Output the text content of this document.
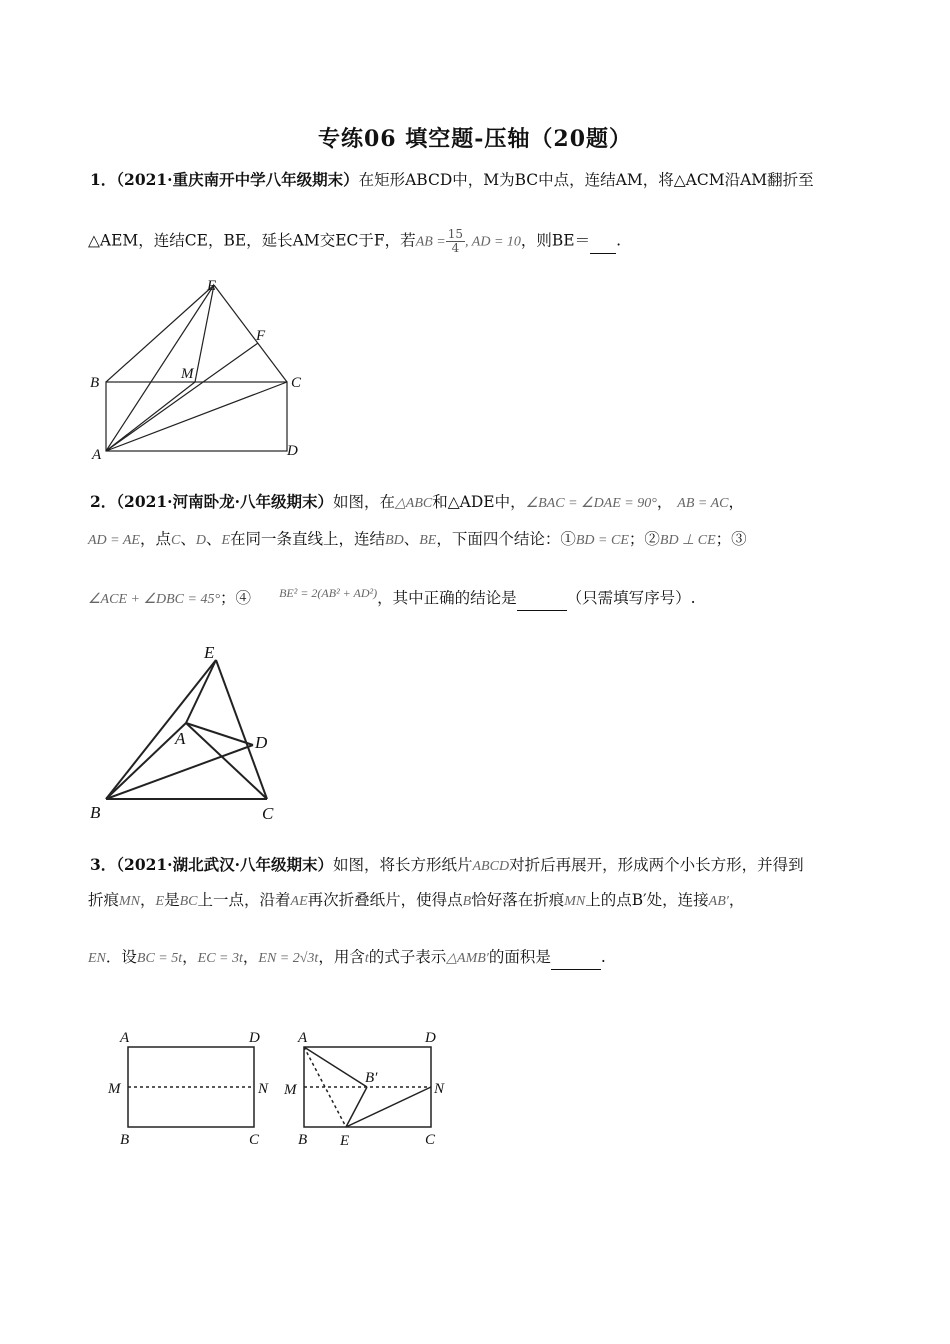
专练06 填空题-压轴（20题）
1．（2021·重庆南开中学八年级期末）在矩形ABCD中，M为BC中点，连结AM，将△ACM沿AM翻折至
△AEM，连结CE，BE，延长AM交EC于F，若AB = $\frac{15}{4}$ , AD = 10，则BE＝ .
E
F
M
B	C
A	D
2．（2021·河南卧龙·八年级期末）如图，在△ABC和△ADE中，∠BAC = ∠DAE = 90°， AB = AC，
AD = AE，点C、D、E在同一条直线上，连结BD、BE，下面四个结论：①BD = CE；②BD ⊥ CE；③
∠ACE + ∠DBC = 45°；④ $^{BE^2 = 2(AB^2 + AD^2)}$，其中正确的结论是	（只需填写序号）.
E
A	D
B	C
3．（2021·湖北武汉·八年级期末）如图，将长方形纸片ABCD对折后再展开，形成两个小长方形，并得到
折痕MN，E是BC上一点，沿着AE再次折叠纸片，使得点B恰好落在折痕MN上的点B′处，连接AB′，
EN．设BC = 5t，EC = 3t，EN = 2√3t，用含t的式子表示△AMB′的面积是	.
A	D
M	N
B	C
A	D
M	N
B E	C
B′
